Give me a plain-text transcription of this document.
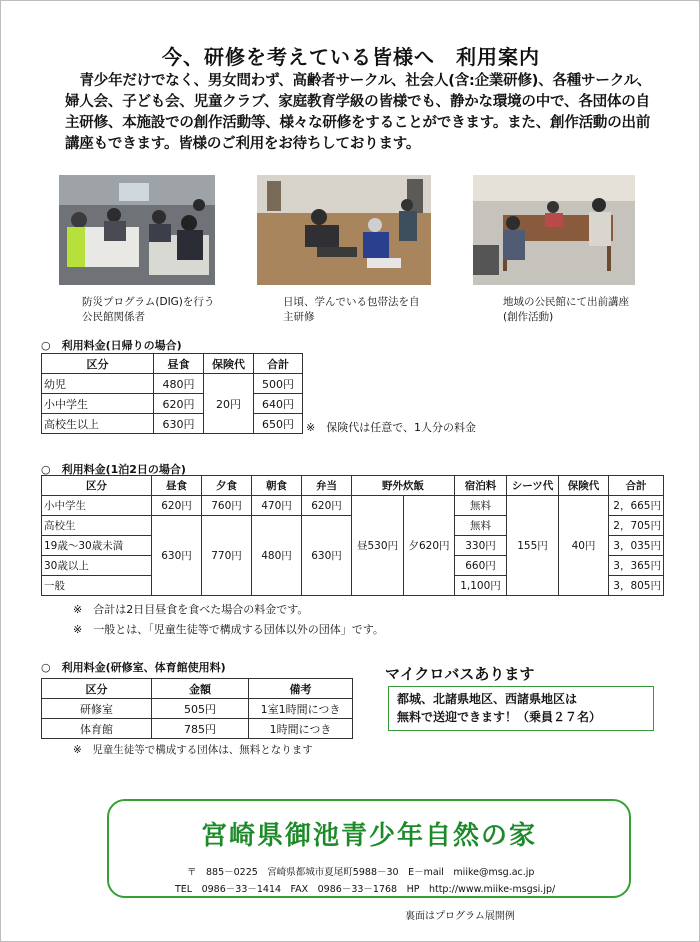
今、研修を考えている皆様へ　利用案内
青少年だけでなく、男女問わず、高齢者サークル、社会人(含:企業研修)、各種サークル、婦人会、子ども会、児童クラブ、家庭教育学級の皆様でも、静かな環境の中で、各団体の自主研修、本施設での創作活動等、様々な研修をすることができます。また、創作活動の出前講座もできます。皆様のご利用をお待ちしております。
防災プログラム(DIG)を行う
公民館関係者
日頃、学んでいる包帯法を自
主研修
地域の公民館にて出前講座
(創作活動)
○　利用料金(日帰りの場合)
区分	昼食	保険代	合計
幼児	480円	20円	500円
小中学生	620円		640円
高校生以上	630円		650円 ※　保険代は任意で、1人分の料金
○　利用料金(1泊2日の場合)
区分	昼食	夕食	朝食	弁当	野外炊飯		宿泊料	シーツ代	保険代	合計
小中学生	620円	760円	470円	620円	昼530円	夕620円	無料	155円	40円	2，665円
高校生	630円	770円	480円	630円			無料			2，705円
19歳～30歳未満							330円			3，035円
30歳以上							660円			3，365円
一般							1,100円			3，805円
※　合計は2日目昼食を食べた場合の料金です。
※　一般とは、「児童生徒等で構成する団体以外の団体」です。
○　利用料金(研修室、体育館使用料)
区分	金額	備考
研修室	505円	1室1時間につき
体育館	785円	1時間につき
※　児童生徒等で構成する団体は、無料となります
マイクロバスあります
都城、北諸県地区、西諸県地区は
無料で送迎できます！（乗員２７名）
宮崎県御池青少年自然の家
〒　885－0225　宮崎県都城市夏尾町5988－30　E－mail　miike@msg.ac.jp
TEL　0986－33－1414　FAX　0986－33－1768　HP　http://www.miike-msgsi.jp/
裏面はプログラム展開例
